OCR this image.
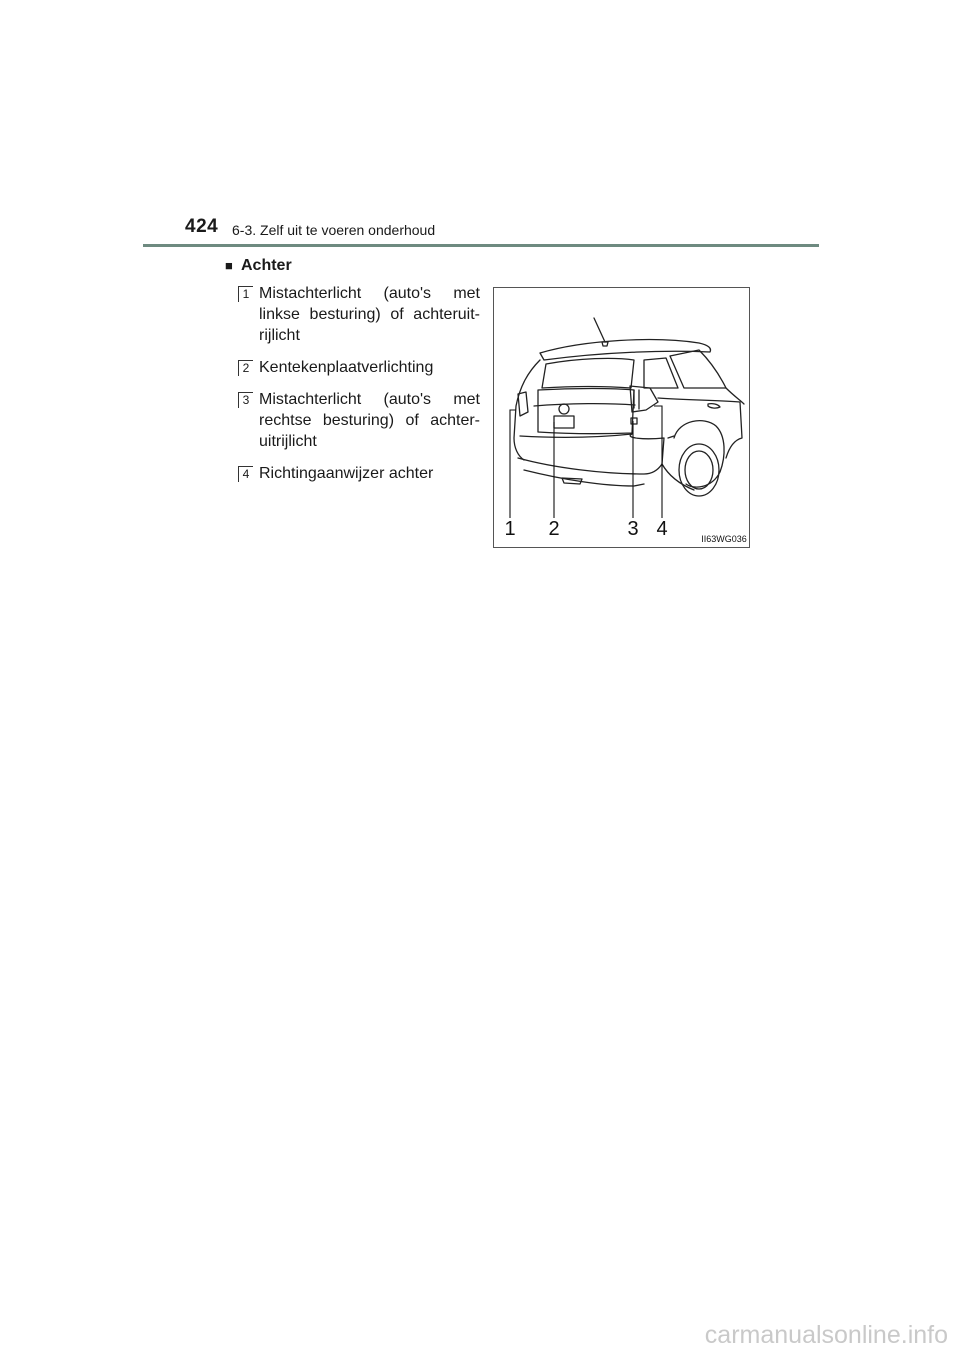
424 6-3. Zelf uit te voeren onderhoud
■ Achter
1 Mistachterlicht (auto's met linkse besturing) of achteruit-rijlicht
2 Kentekenplaatverlichting
3 Mistachterlicht (auto's met rechtse besturing) of achter-uitrijlicht
4 Richtingaanwijzer achter
1 2	3 4	II63WG036
carmanualsonline.info
